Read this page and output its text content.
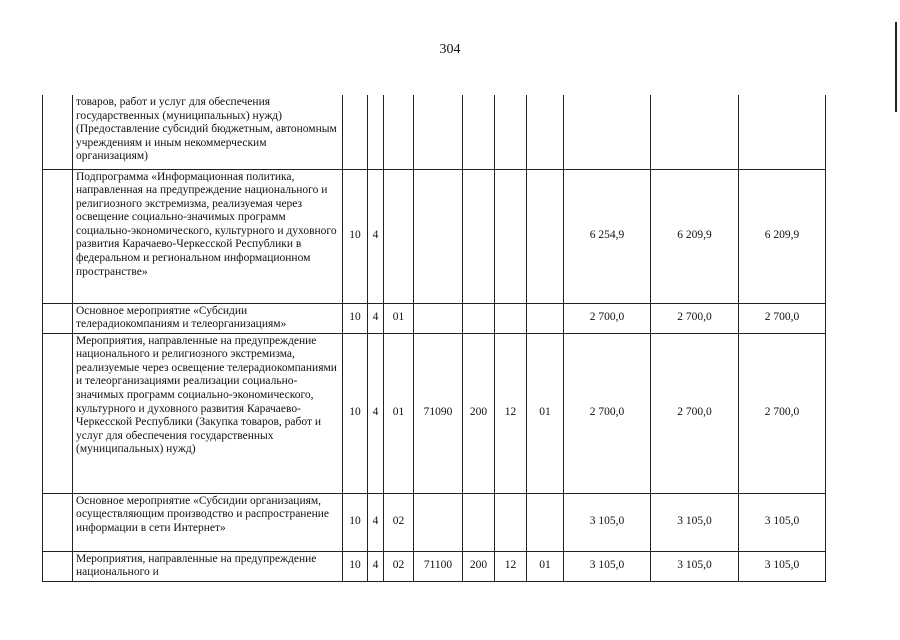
304
	товаров, работ и услуг для обеспечения государственных (муниципальных) нужд) (Предоставление субсидий бюджетным, автономным учреждениям и иным некоммерческим организациям)										
	Подпрограмма «Информационная политика, направленная на предупреждение национального и религиозного экстремизма, реализуемая через освещение социально-значимых программ социально-экономического, культурного и духовного развития Карачаево-Черкесской Республики в федеральном и региональном информационном пространстве»	10	4						6 254,9	6 209,9	6 209,9
	Основное мероприятие «Субсидии телерадиокомпаниям и телеорганизациям»	10	4	01					2 700,0	2 700,0	2 700,0
	Мероприятия, направленные на предупреждение национального и религиозного экстремизма, реализуемые через освещение телерадиокомпаниями и телеорганизациями реализации социально-значимых программ социально-экономического, культурного и духовного развития Карачаево-Черкесской Республики (Закупка товаров, работ и услуг для обеспечения государственных (муниципальных) нужд)	10	4	01	71090	200	12	01	2 700,0	2 700,0	2 700,0
	Основное мероприятие «Субсидии организациям, осуществляющим производство и распространение информации в сети Интернет»	10	4	02					3 105,0	3 105,0	3 105,0
	Мероприятия, направленные на предупреждение национального и	10	4	02	71100	200	12	01	3 105,0	3 105,0	3 105,0
